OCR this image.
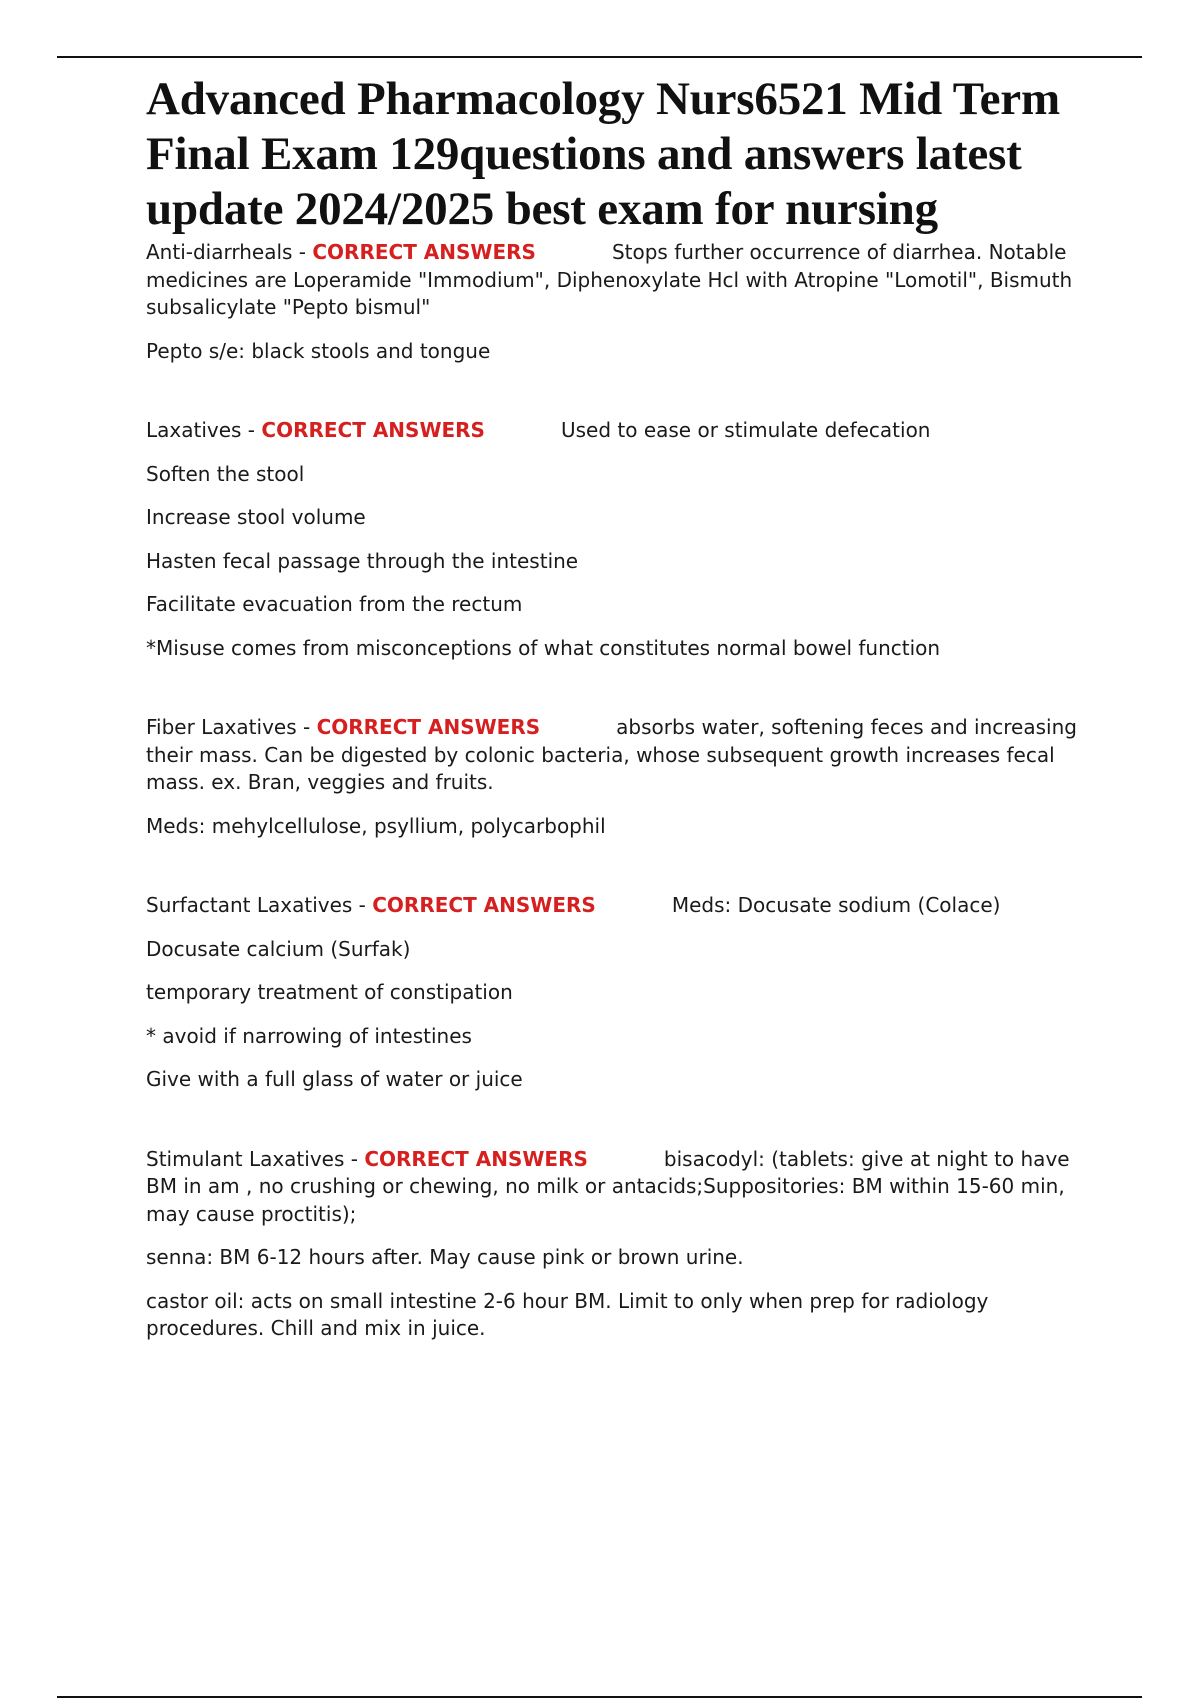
Advanced Pharmacology Nurs6521 Mid Term Final Exam 129questions and answers latest update 2024/2025 best exam for nursing

Anti-diarrheals - CORRECT ANSWERS	Stops further occurrence of diarrhea. Notable medicines are Loperamide "Immodium", Diphenoxylate Hcl with Atropine "Lomotil", Bismuth subsalicylate "Pepto bismul"

Pepto s/e: black stools and tongue

Laxatives - CORRECT ANSWERS	Used to ease or stimulate defecation

Soften the stool

Increase stool volume

Hasten fecal passage through the intestine

Facilitate evacuation from the rectum

*Misuse comes from misconceptions of what constitutes normal bowel function

Fiber Laxatives - CORRECT ANSWERS	absorbs water, softening feces and increasing their mass. Can be digested by colonic bacteria, whose subsequent growth increases fecal mass. ex. Bran, veggies and fruits.

Meds: mehylcellulose, psyllium, polycarbophil

Surfactant Laxatives - CORRECT ANSWERS	Meds: Docusate sodium (Colace)

Docusate calcium (Surfak)

temporary treatment of constipation

* avoid if narrowing of intestines

Give with a full glass of water or juice

Stimulant Laxatives - CORRECT ANSWERS	bisacodyl: (tablets: give at night to have BM in am , no crushing or chewing, no milk or antacids;Suppositories: BM within 15-60 min, may cause proctitis);

senna: BM 6-12 hours after. May cause pink or brown urine.

castor oil: acts on small intestine 2-6 hour BM. Limit to only when prep for radiology procedures. Chill and mix in juice.
